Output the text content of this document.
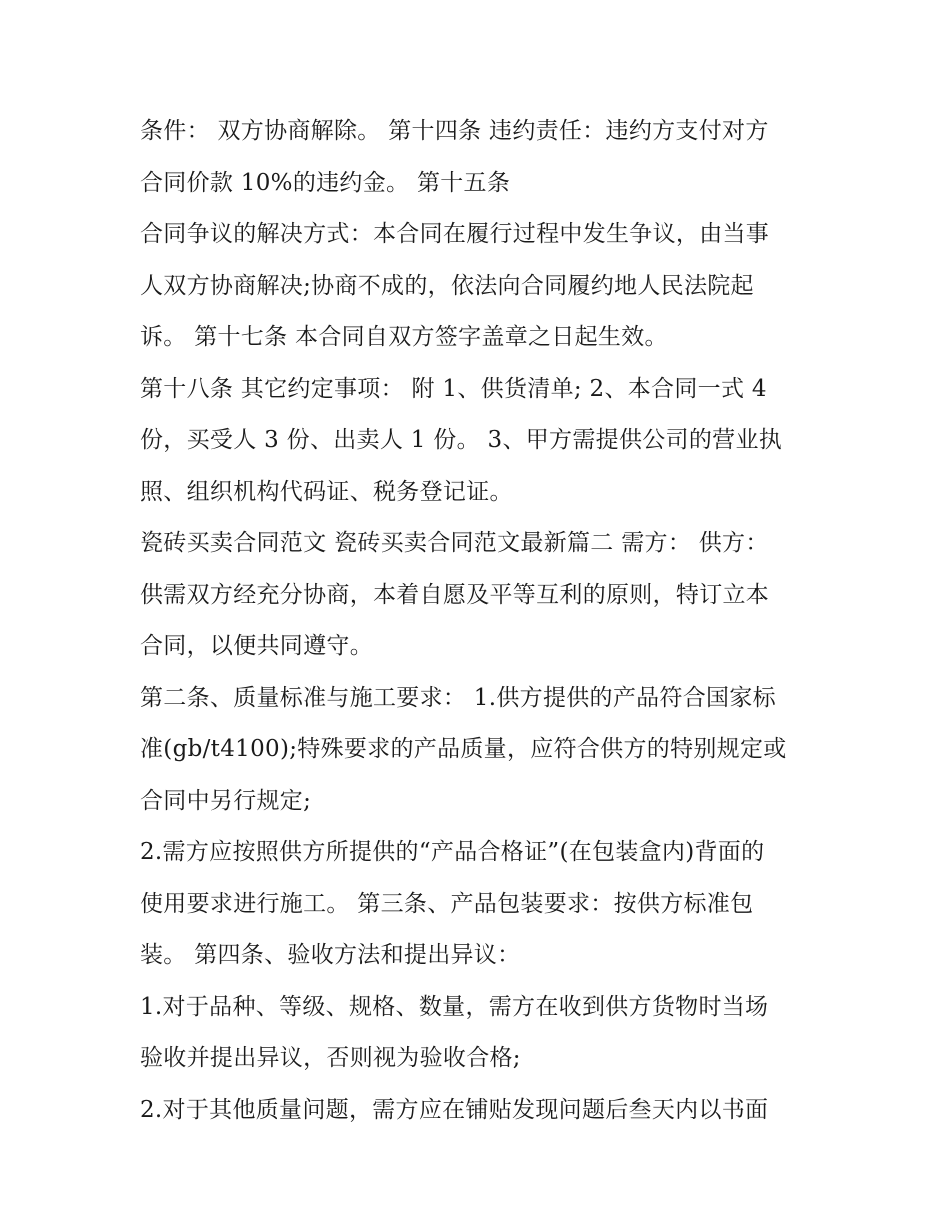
条件： 双方协商解除。 第十四条 违约责任：违约方支付对方
合同价款 10%的违约金。 第十五条
合同争议的解决方式：本合同在履行过程中发生争议，由当事
人双方协商解决;协商不成的，依法向合同履约地人民法院起
诉。 第十七条 本合同自双方签字盖章之日起生效。
第十八条 其它约定事项： 附 1、供货清单; 2、本合同一式 4
份，买受人 3 份、出卖人 1 份。 3、甲方需提供公司的营业执
照、组织机构代码证、税务登记证。
瓷砖买卖合同范文 瓷砖买卖合同范文最新篇二 需方： 供方：
供需双方经充分协商，本着自愿及平等互利的原则，特订立本
合同，以便共同遵守。
第二条、质量标准与施工要求： 1.供方提供的产品符合国家标
准(gb/t4100);特殊要求的产品质量，应符合供方的特别规定或
合同中另行规定;
2.需方应按照供方所提供的“产品合格证”(在包装盒内)背面的
使用要求进行施工。 第三条、产品包装要求：按供方标准包
装。 第四条、验收方法和提出异议：
1.对于品种、等级、规格、数量，需方在收到供方货物时当场
验收并提出异议，否则视为验收合格;
2.对于其他质量问题，需方应在铺贴发现问题后叁天内以书面
